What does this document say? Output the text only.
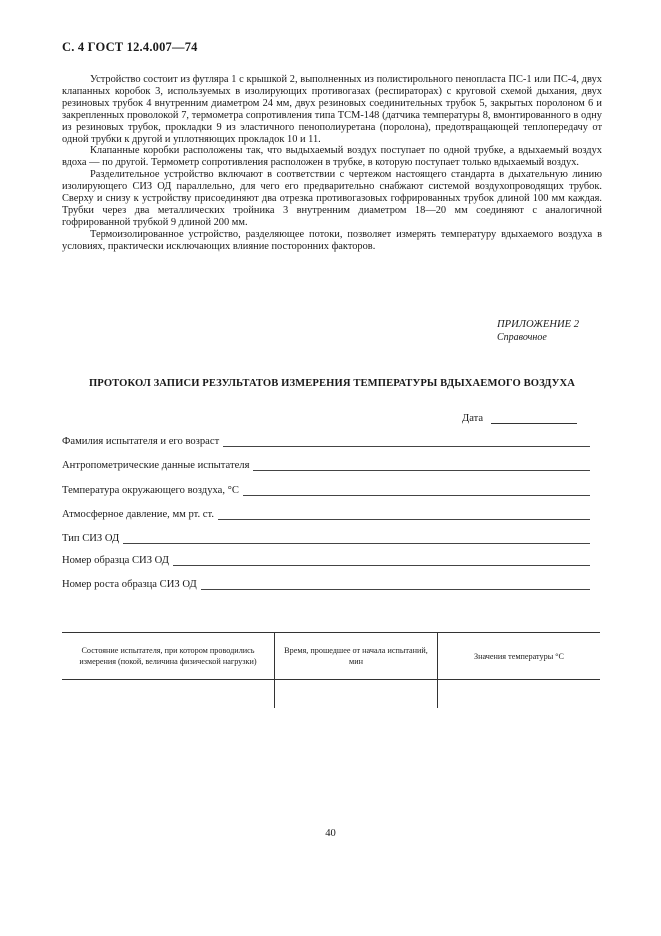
С. 4 ГОСТ 12.4.007—74

Устройство состоит из футляра 1 с крышкой 2, выполненных из полистирольного пенопласта ПС-1 или ПС-4, двух клапанных коробок 3, используемых в изолирующих противогазах (респираторах) с круговой схемой дыхания, двух резиновых трубок 4 внутренним диаметром 24 мм, двух резиновых соединительных трубок 5, закрытых поролоном 6 и закрепленных проволокой 7, термометра сопротивления типа ТСМ-148 (датчика температуры 8, вмонтированного в одну из резиновых трубок, прокладки 9 из эластичного пенополиуретана (поролона), предотвращающей теплопередачу от одной трубки к другой и уплотняющих прокладок 10 и 11.

Клапанные коробки расположены так, что выдыхаемый воздух поступает по одной трубке, а вдыхаемый воздух вдоха — по другой. Термометр сопротивления расположен в трубке, в которую поступает только вдыхаемый воздух.

Разделительное устройство включают в соответствии с чертежом настоящего стандарта в дыхательную линию изолирующего СИЗ ОД параллельно, для чего его предварительно снабжают системой воздухопроводящих трубок. Сверху и снизу к устройству присоединяют два отрезка противогазовых гофрированных трубок длиной 100 мм каждая. Трубки через два металлических тройника 3 внутренним диаметром 18—20 мм соединяют с аналогичной гофрированной трубкой 9 длиной 200 мм.

Термоизолированное устройство, разделяющее потоки, позволяет измерять температуру вдыхаемого воздуха в условиях, практически исключающих влияние посторонних факторов.

ПРИЛОЖЕНИЕ 2
Справочное
ПРОТОКОЛ ЗАПИСИ РЕЗУЛЬТАТОВ ИЗМЕРЕНИЯ ТЕМПЕРАТУРЫ ВДЫХАЕМОГО ВОЗДУХА
Дата
Фамилия испытателя и его возраст
Антропометрические данные испытателя
Температура окружающего воздуха, °С
Атмосферное давление, мм рт. ст.
Тип СИЗ ОД
Номер образца СИЗ ОД
Номер роста образца СИЗ ОД
Состояние испытателя, при котором проводились измерения (покой, величина физической нагрузки)	Время, прошедшее от начала испытаний, мин	Значения температуры °С

40
